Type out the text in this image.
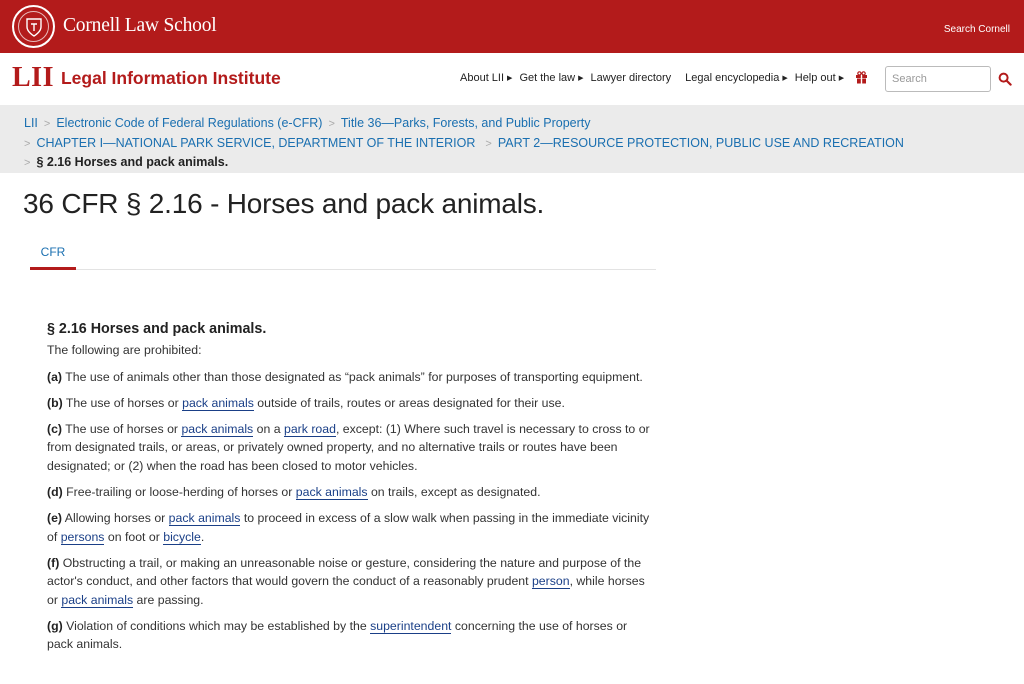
Cornell Law School	Search Cornell
LII Legal Information Institute	About LII ▶ Get the law ▶ Lawyer directory Legal encyclopedia ▶ Help out ▶
Search
LII > Electronic Code of Federal Regulations (e-CFR) > Title 36—Parks, Forests, and Public Property
> CHAPTER I—NATIONAL PARK SERVICE, DEPARTMENT OF THE INTERIOR > PART 2—RESOURCE PROTECTION, PUBLIC USE AND RECREATION
> § 2.16 Horses and pack animals.
36 CFR § 2.16 - Horses and pack animals.
CFR
§ 2.16 Horses and pack animals.

The following are prohibited:

(a) The use of animals other than those designated as “pack animals” for purposes of transporting equipment.

(b) The use of horses or pack animals outside of trails, routes or areas designated for their use.

(c) The use of horses or pack animals on a park road, except: (1) Where such travel is necessary to cross to or from designated trails, or areas, or privately owned property, and no alternative trails or routes have been designated; or (2) when the road has been closed to motor vehicles.

(d) Free-trailing or loose-herding of horses or pack animals on trails, except as designated.

(e) Allowing horses or pack animals to proceed in excess of a slow walk when passing in the immediate vicinity of persons on foot or bicycle.

(f) Obstructing a trail, or making an unreasonable noise or gesture, considering the nature and purpose of the actor's conduct, and other factors that would govern the conduct of a reasonably prudent person, while horses or pack animals are passing.

(g) Violation of conditions which may be established by the superintendent concerning the use of horses or pack animals.
